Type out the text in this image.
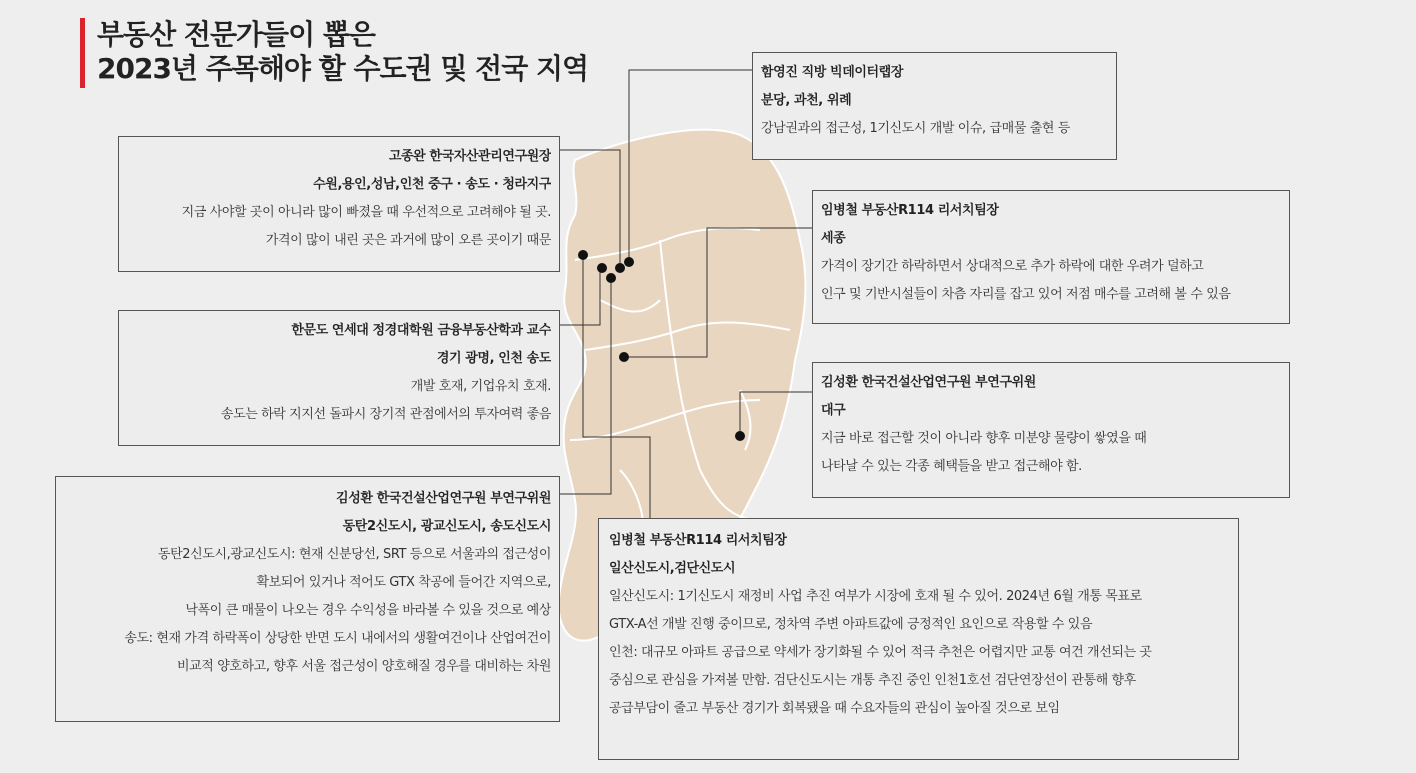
부동산 전문가들이 뽑은
2023년 주목해야 할 수도권 및 전국 지역	함영진 직방 빅데이터랩장
분당, 과천, 위례
강남권과의 접근성, 1기신도시 개발 이슈, 급매물 출현 등
고종완 한국자산관리연구원장
수원,용인,성남,인천 중구 · 송도 · 청라지구
지금 사야할 곳이 아니라 많이 빠졌을 때 우선적으로 고려해야 될 곳.
가격이 많이 내린 곳은 과거에 많이 오른 곳이기 때문
임병철 부동산R114 리서치팀장
세종
가격이 장기간 하락하면서 상대적으로 추가 하락에 대한 우려가 덜하고
인구 및 기반시설들이 차츰 자리를 잡고 있어 저점 매수를 고려해 볼 수 있음
한문도 연세대 정경대학원 금융부동산학과 교수
경기 광명, 인천 송도
개발 호재, 기업유치 호재.
송도는 하락 지지선 돌파시 장기적 관점에서의 투자여력 좋음
김성환 한국건설산업연구원 부연구위원
대구
지금 바로 접근할 것이 아니라 향후 미분양 물량이 쌓였을 때
나타날 수 있는 각종 혜택들을 받고 접근해야 함.
김성환 한국건설산업연구원 부연구위원
동탄2신도시, 광교신도시, 송도신도시
동탄2신도시,광교신도시: 현재 신분당선, SRT 등으로 서울과의 접근성이
확보되어 있거나 적어도 GTX 착공에 들어간 지역으로,
낙폭이 큰 매물이 나오는 경우 수익성을 바라볼 수 있을 것으로 예상
송도: 현재 가격 하락폭이 상당한 반면 도시 내에서의 생활여건이나 산업여건이
비교적 양호하고, 향후 서울 접근성이 양호해질 경우를 대비하는 차원
임병철 부동산R114 리서치팀장
일산신도시,검단신도시
일산신도시: 1기신도시 재정비 사업 추진 여부가 시장에 호재 될 수 있어. 2024년 6월 개통 목표로
GTX-A선 개발 진행 중이므로, 정차역 주변 아파트값에 긍정적인 요인으로 작용할 수 있음
인천: 대규모 아파트 공급으로 약세가 장기화될 수 있어 적극 추천은 어렵지만 교통 여건 개선되는 곳
중심으로 관심을 가져볼 만함. 검단신도시는 개통 추진 중인 인천1호선 검단연장선이 관통해 향후
공급부담이 줄고 부동산 경기가 회복됐을 때 수요자들의 관심이 높아질 것으로 보임
